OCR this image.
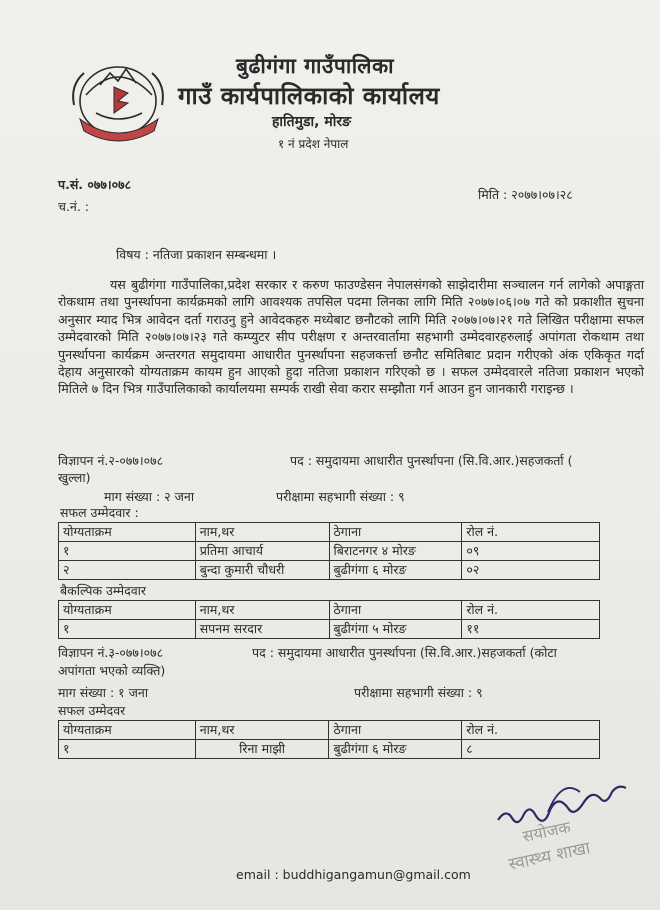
बुढीगंगा गाउँपालिका
गाउँ कार्यपालिकाको कार्यालय
हातिमुडा, मोरङ
१ नं प्रदेश नेपाल
प.सं. ०७७।०७८
च.नं. :
मिति : २०७७।०७।२८
विषय : नतिजा प्रकाशन सम्बन्धमा ।
यस बुढीगंगा गाउँपालिका,प्रदेश सरकार र करुण फाउण्डेसन नेपालसंगको साझेदारीमा सञ्चालन गर्न लागेको अपाङ्गता रोकथाम तथा पुनर्स्थापना कार्यक्रमको लागि आवश्यक तपसिल पदमा लिनका लागि मिति २०७७।०६।०७ गते को प्रकाशीत सुचना अनुसार म्याद भित्र आवेदन दर्ता गराउनु हुने आवेदकहरु मध्येबाट छनौटको लागि मिति २०७७।०७।२१ गते लिखित परीक्षामा सफल उम्मेदवारको मिति २०७७।०७।२३ गते कम्प्युटर सीप परीक्षण र अन्तरवार्तामा सहभागी उम्मेदवारहरुलाई अपांगता रोकथाम तथा पुनर्स्थापना कार्यक्रम अन्तरगत समुदायमा आधारीत पुनर्स्थापना सहजकर्त्ता छनौट समितिबाट प्रदान गरीएको अंक एकिकृत गर्दा देहाय अनुसारको योग्यताक्रम कायम हुन आएको हुदा नतिजा प्रकाशन गरिएको छ । सफल उम्मेदवारले नतिजा प्रकाशन भएको मितिले ७ दिन भित्र गाउँपालिकाको कार्यालयमा सम्पर्क राखी सेवा करार सम्झौता गर्न आउन हुन जानकारी गराइन्छ ।
विज्ञापन नं.२-०७७।०७८	पद : समुदायमा आधारीत पुनर्स्थापना (सि.वि.आर.)सहजकर्ता (
खुल्ला)
माग संख्या : २ जना	परीक्षामा सहभागी संख्या : ९
सफल उम्मेदवार :
योग्यताक्रम	नाम,थर	ठेगाना	रोल नं.
१	प्रतिमा आचार्य	बिराटनगर ४ मोरङ	०९
२	बुन्दा कुमारी चौधरी	बुढीगंगा ६ मोरङ	०२
बैकल्पिक उम्मेदवार
योग्यताक्रम	नाम,थर	ठेगाना	रोल नं.
१	सपनम सरदार	बुढीगंगा ५ मोरङ	११
विज्ञापन नं.३-०७७।०७८	पद : समुदायमा आधारीत पुनर्स्थापना (सि.वि.आर.)सहजकर्ता (कोटा
अपांगता भएको व्यक्ति)
माग संख्या : १ जना	परीक्षामा सहभागी संख्या : ९
सफल उम्मेदवर
योग्यताक्रम	नाम,थर	ठेगाना	रोल नं.
१	रिना माझी	बुढीगंगा ६ मोरङ	८
सयोजक
स्वास्थ्य शाखा
email : buddhigangamun@gmail.com
